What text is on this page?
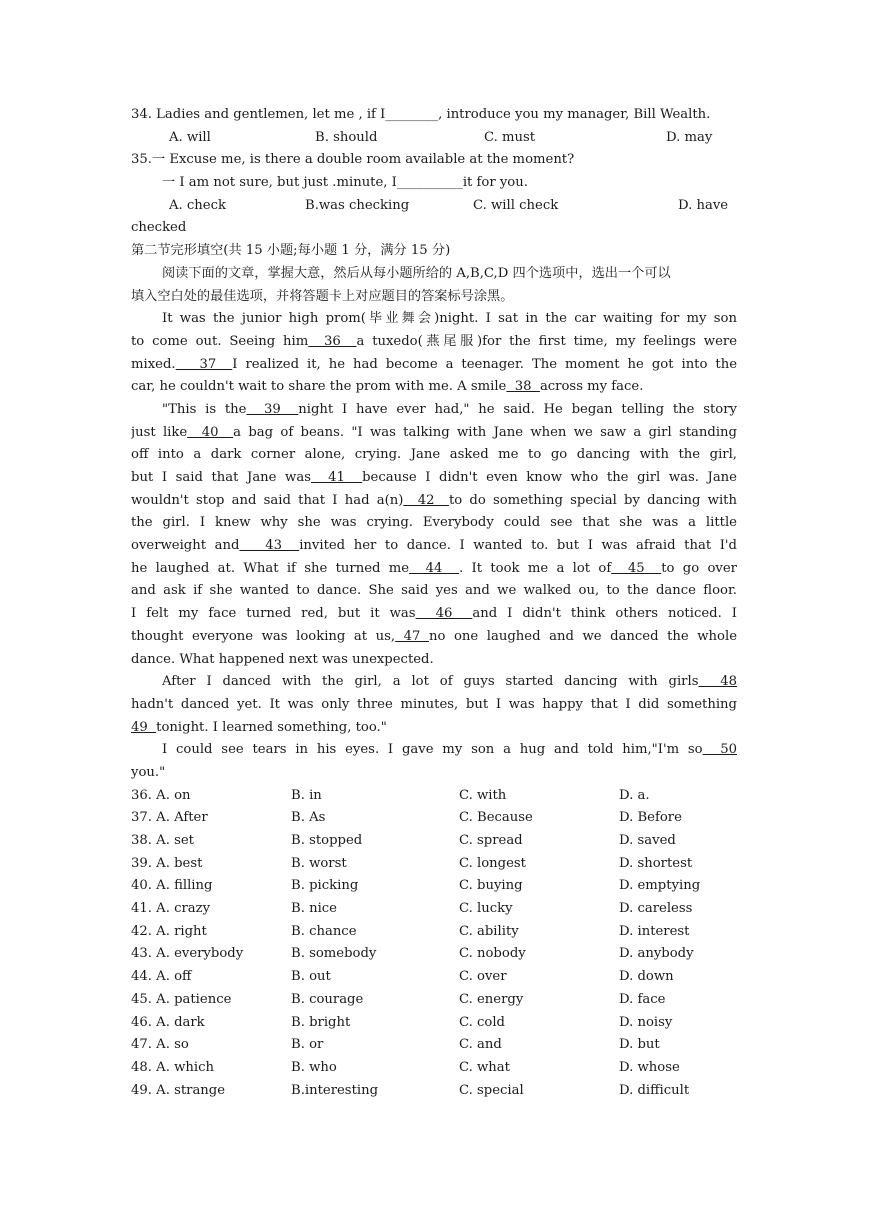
34. Ladies and gentlemen, let me , if I________, introduce you my manager, Bill Wealth.
A. will	B. should	C. must	D. may
35.一 Excuse me, is there a double room available at the moment?
一 I am not sure, but just .minute, I__________it for you.
A. check	B.was checking	C. will check	D. have
checked
第二节完形填空(共 15 小题;每小题 1 分，满分 15 分)
阅读下面的文章，掌握大意，然后从每小题所给的 A,B,C,D 四个选项中，选出一个可以
填入空白处的最佳选项，并将答题卡上对应题目的答案标号涂黑。
It was the junior high prom(毕业舞会)night. I sat in the car waiting for my son
to come out. Seeing him  36  a tuxedo(燕尾服)for the first time, my feelings were
mixed.   37  I realized it, he had become a teenager. The moment he got into the
car, he couldn't wait to share the prom with me. A smile  38  across my face.
"This is the  39  night I have ever had," he said. He began telling the story
just like  40  a bag of beans. "I was talking with Jane when we saw a girl standing
off into a dark corner alone, crying. Jane asked me to go dancing with the girl,
but I said that Jane was  41  because I didn't even know who the girl was. Jane
wouldn't stop and said that I had a(n)  42  to do something special by dancing with
the girl. I knew why she was crying. Everybody could see that she was a little
overweight and   43  invited her to dance. I wanted to. but I was afraid that I'd
he laughed at. What if she turned me  44  . It took me a lot of  45  to go over
and ask if she wanted to dance. She said yes and we walked ou, to the dance floor.
I felt my face turned red, but it was  46  and I didn't think others noticed. I
thought everyone was looking at us, 47 no one laughed and we danced the whole
dance. What happened next was unexpected.
After I danced with the girl, a lot of guys started dancing with girls  48
hadn't danced yet. It was only three minutes, but I was happy that I did something
49  tonight. I learned something, too."
I could see tears in his eyes. I gave my son a hug and told him,"I'm so  50
you."
36. A. on	B. in	C. with	D. a.
37. A. After	B. As	C. Because	D. Before
38. A. set	B. stopped	C. spread	D. saved
39. A. best	B. worst	C. longest	D. shortest
40. A. filling	B. picking	C. buying	D. emptying
41. A. crazy	B. nice	C. lucky	D. careless
42. A. right	B. chance	C. ability	D. interest
43. A. everybody	B. somebody	C. nobody	D. anybody
44. A. off	B. out	C. over	D. down
45. A. patience	B. courage	C. energy	D. face
46. A. dark	B. bright	C. cold	D. noisy
47. A. so	B. or	C. and	D. but
48. A. which	B. who	C. what	D. whose
49. A. strange	B.interesting	C. special	D. difficult
